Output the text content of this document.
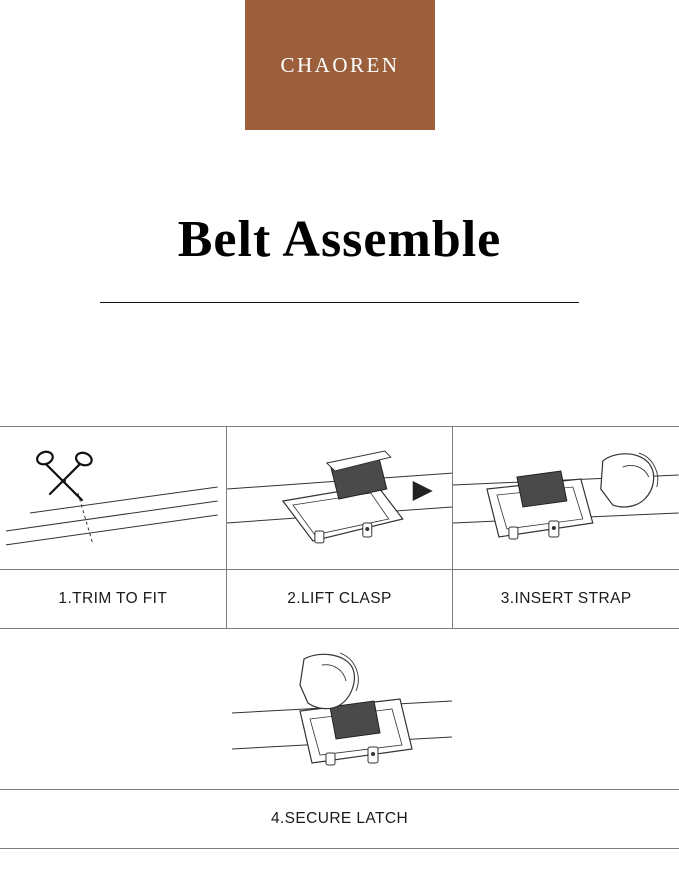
CHAOREN
Belt Assemble
1.TRIM TO FIT	2.LIFT CLASP	3.INSERT STRAP
4.SECURE LATCH
